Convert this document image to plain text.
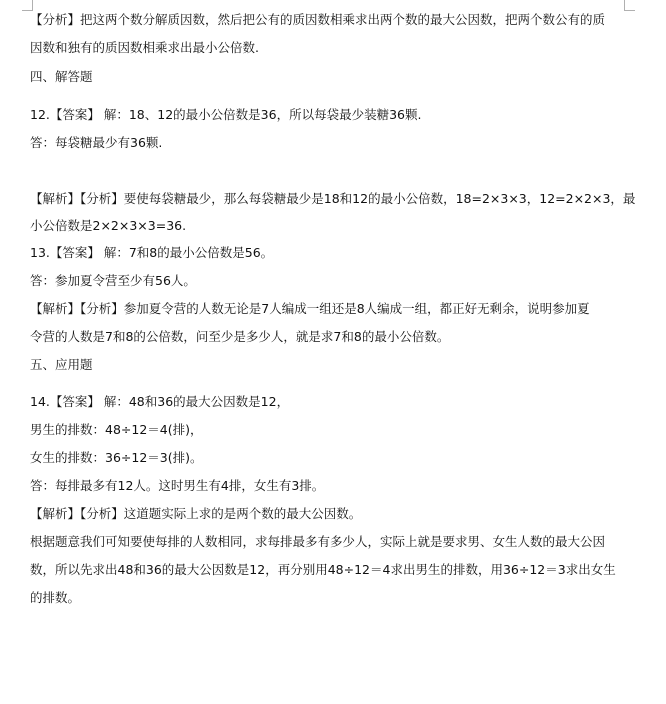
【分析】把这两个数分解质因数，然后把公有的质因数相乘求出两个数的最大公因数，把两个数公有的质
因数和独有的质因数相乘求出最小公倍数.
四、解答题
12.【答案】 解：18、12的最小公倍数是36，所以每袋最少装糖36颗.
答：每袋糖最少有36颗.
【解析】【分析】要使每袋糖最少，那么每袋糖最少是18和12的最小公倍数，18=2×3×3，12=2×2×3，最
小公倍数是2×2×3×3=36.
13.【答案】 解：7和8的最小公倍数是56。
答：参加夏令营至少有56人。
【解析】【分析】参加夏令营的人数无论是7人编成一组还是8人编成一组，都正好无剩余，说明参加夏
令营的人数是7和8的公倍数，问至少是多少人，就是求7和8的最小公倍数。
五、应用题
14.【答案】 解：48和36的最大公因数是12，
男生的排数：48÷12＝4(排)，
女生的排数：36÷12＝3(排)。
答：每排最多有12人。这时男生有4排，女生有3排。
【解析】【分析】这道题实际上求的是两个数的最大公因数。
根据题意我们可知要使每排的人数相同，求每排最多有多少人，实际上就是要求男、女生人数的最大公因
数，所以先求出48和36的最大公因数是12，再分别用48÷12＝4求出男生的排数，用36÷12＝3求出女生
的排数。
